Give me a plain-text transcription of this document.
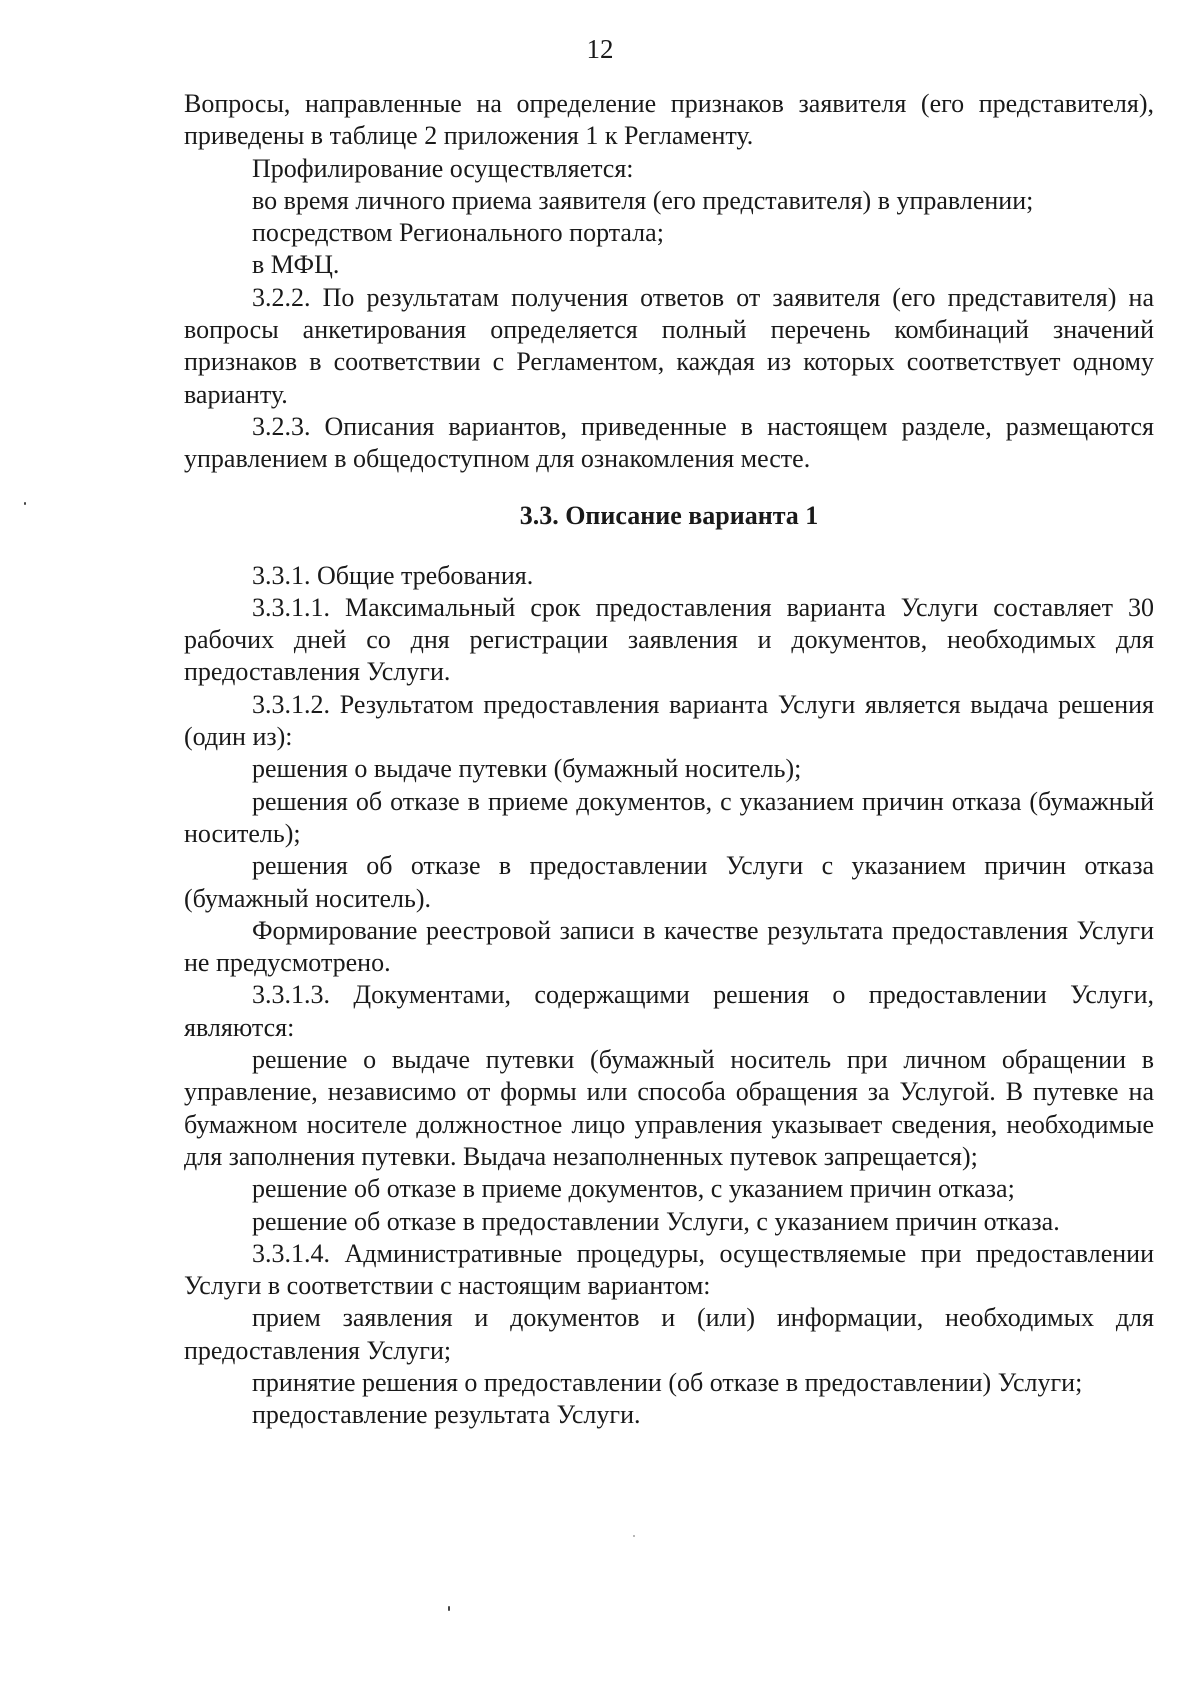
12

Вопросы, направленные на определение признаков заявителя (его представителя), приведены в таблице 2 приложения 1 к Регламенту.

Профилирование осуществляется:

во время личного приема заявителя (его представителя) в управлении;

посредством Регионального портала;

в МФЦ.

3.2.2. По результатам получения ответов от заявителя (его представителя) на вопросы анкетирования определяется полный перечень комбинаций значений признаков в соответствии с Регламентом, каждая из которых соответствует одному варианту.

3.2.3. Описания вариантов, приведенные в настоящем разделе, размещаются управлением в общедоступном для ознакомления месте.

3.3. Описание варианта 1

3.3.1. Общие требования.

3.3.1.1. Максимальный срок предоставления варианта Услуги составляет 30 рабочих дней со дня регистрации заявления и документов, необходимых для предоставления Услуги.

3.3.1.2. Результатом предоставления варианта Услуги является выдача решения (один из):

решения о выдаче путевки (бумажный носитель);

решения об отказе в приеме документов, с указанием причин отказа (бумажный носитель);

решения об отказе в предоставлении Услуги с указанием причин отказа (бумажный носитель).

Формирование реестровой записи в качестве результата предоставления Услуги не предусмотрено.

3.3.1.3. Документами, содержащими решения о предоставлении Услуги, являются:

решение о выдаче путевки (бумажный носитель при личном обращении в управление, независимо от формы или способа обращения за Услугой. В путевке на бумажном носителе должностное лицо управления указывает сведения, необходимые для заполнения путевки. Выдача незаполненных путевок запрещается);

решение об отказе в приеме документов, с указанием причин отказа;

решение об отказе в предоставлении Услуги, с указанием причин отказа.

3.3.1.4. Административные процедуры, осуществляемые при предоставлении Услуги в соответствии с настоящим вариантом:

прием заявления и документов и (или) информации, необходимых для предоставления Услуги;

принятие решения о предоставлении (об отказе в предоставлении) Услуги;

предоставление результата Услуги.
